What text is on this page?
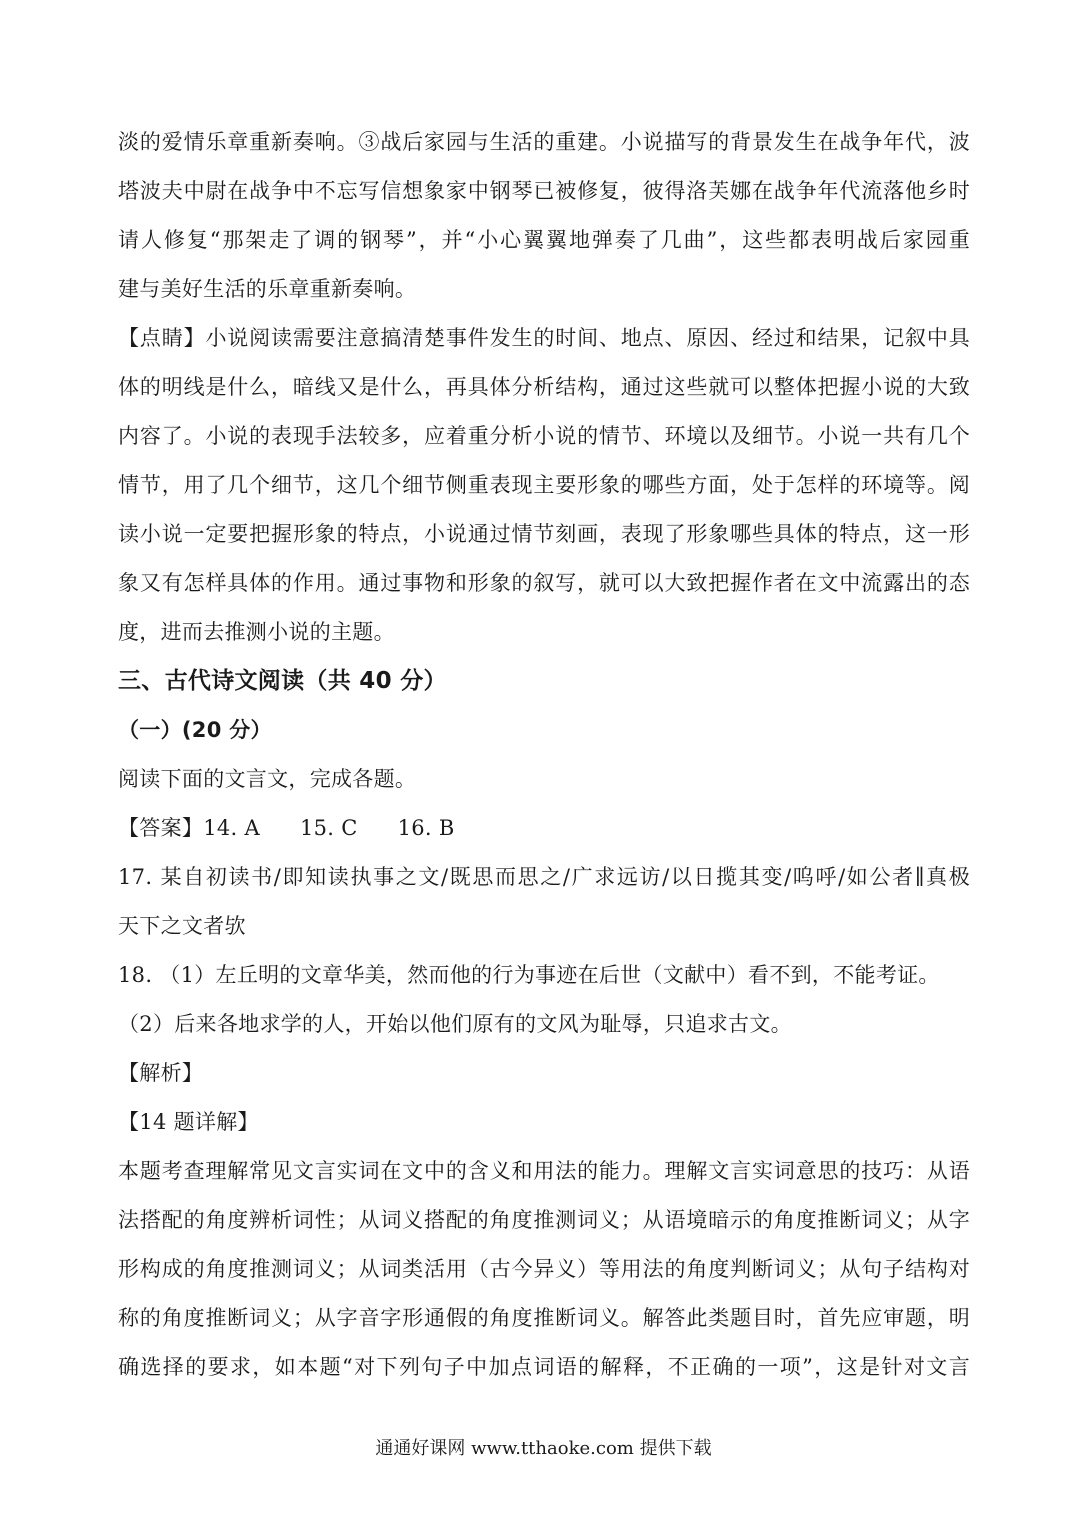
淡的爱情乐章重新奏响。③战后家园与生活的重建。小说描写的背景发生在战争年代，波
塔波夫中尉在战争中不忘写信想象家中钢琴已被修复，彼得洛芙娜在战争年代流落他乡时
请人修复“那架走了调的钢琴”，并“小心翼翼地弹奏了几曲”，这些都表明战后家园重
建与美好生活的乐章重新奏响。
【点睛】小说阅读需要注意搞清楚事件发生的时间、地点、原因、经过和结果，记叙中具
体的明线是什么，暗线又是什么，再具体分析结构，通过这些就可以整体把握小说的大致
内容了。小说的表现手法较多，应着重分析小说的情节、环境以及细节。小说一共有几个
情节，用了几个细节，这几个细节侧重表现主要形象的哪些方面，处于怎样的环境等。阅
读小说一定要把握形象的特点，小说通过情节刻画，表现了形象哪些具体的特点，这一形
象又有怎样具体的作用。通过事物和形象的叙写，就可以大致把握作者在文中流露出的态
度，进而去推测小说的主题。
三、古代诗文阅读（共 40 分）
（一）(20 分）
阅读下面的文言文，完成各题。
【答案】14. A 15. C 16. B
17. 某自初读书/即知读执事之文/既思而思之/广求远访/以日揽其变/呜呼/如公者∥真极
天下之文者欤
18. （1）左丘明的文章华美，然而他的行为事迹在后世（文献中）看不到，不能考证。
（2）后来各地求学的人，开始以他们原有的文风为耻辱，只追求古文。
【解析】
【14 题详解】
本题考查理解常见文言实词在文中的含义和用法的能力。理解文言实词意思的技巧：从语
法搭配的角度辨析词性；从词义搭配的角度推测词义；从语境暗示的角度推断词义；从字
形构成的角度推测词义；从词类活用（古今异义）等用法的角度判断词义；从句子结构对
称的角度推断词义；从字音字形通假的角度推断词义。解答此类题目时，首先应审题，明
确选择的要求，如本题“对下列句子中加点词语的解释，不正确的一项”，这是针对文言
通通好课网 www.tthaoke.com 提供下载
